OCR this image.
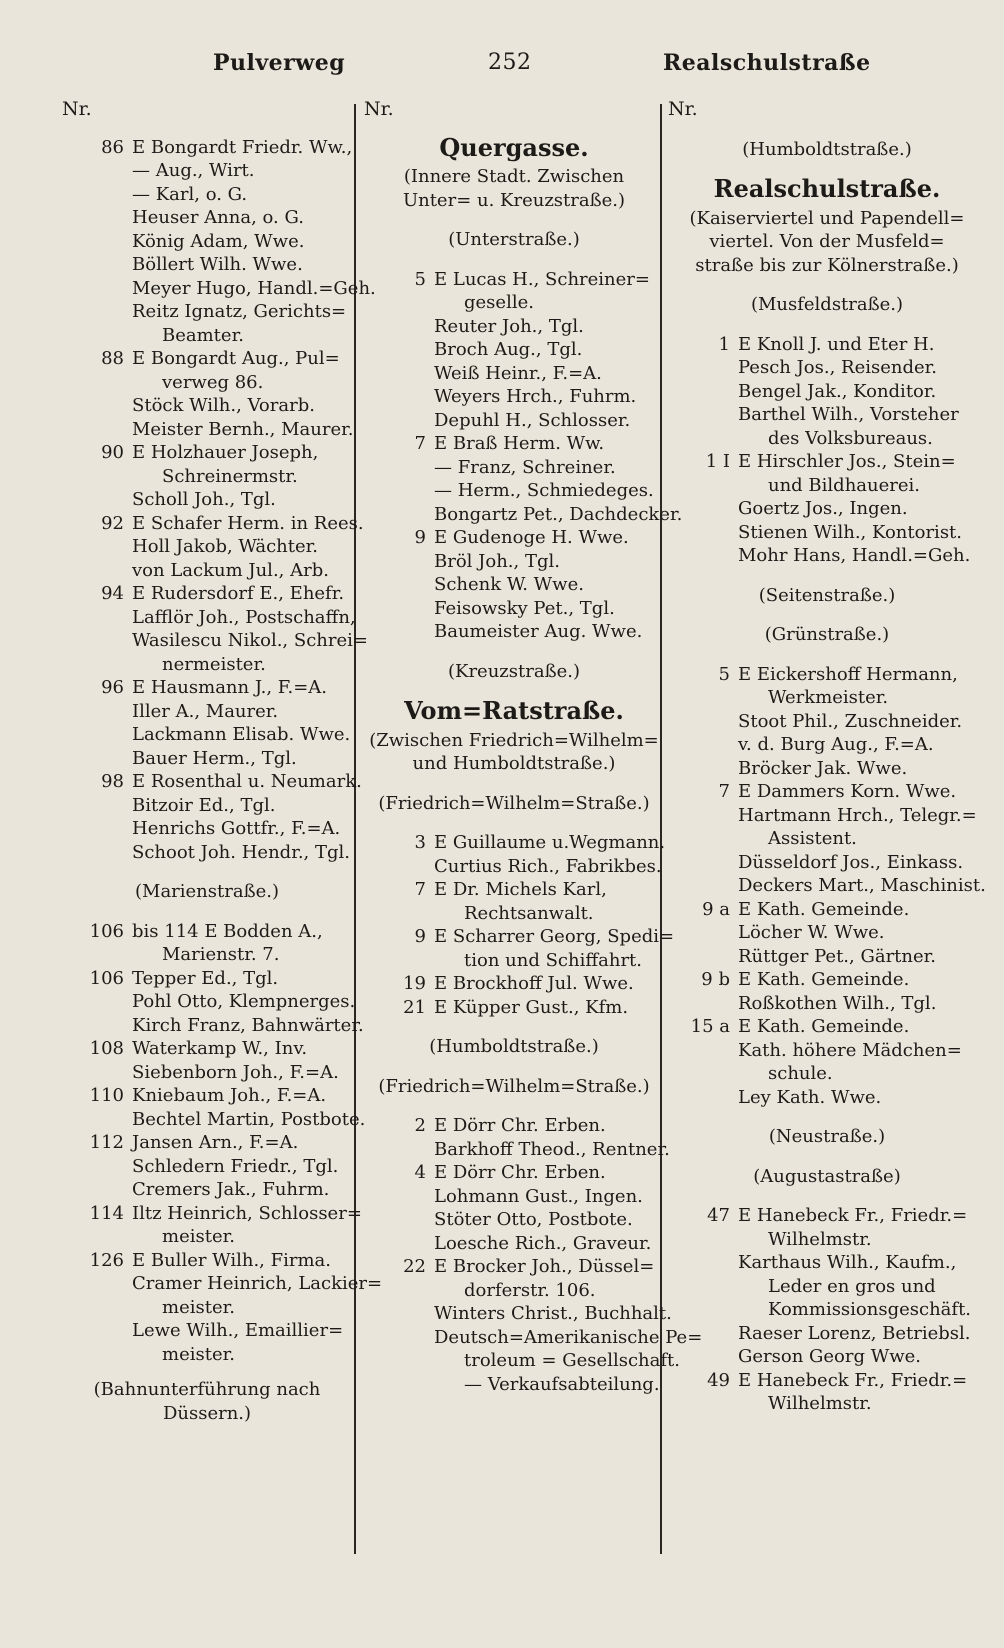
Pulverweg	252	Realschulstraße
Nr.
86 E Bongardt Friedr. Ww.,
— Aug., Wirt.
— Karl, o. G.
Heuser Anna, o. G.
König Adam, Wwe.
Böllert Wilh. Wwe.
Meyer Hugo, Handl.=Geh.
Reitz Ignatz, Gerichts=
Beamter.
88 E Bongardt Aug., Pul=
verweg 86.
Stöck Wilh., Vorarb.
Meister Bernh., Maurer.
90 E Holzhauer Joseph,
Schreinermstr.
Scholl Joh., Tgl.
92 E Schafer Herm. in Rees.
Holl Jakob, Wächter.
von Lackum Jul., Arb.
94 E Rudersdorf E., Ehefr.
Lafflör Joh., Postschaffn,
Wasilescu Nikol., Schrei=
nermeister.
96 E Hausmann J., F.=A.
Iller A., Maurer.
Lackmann Elisab. Wwe.
Bauer Herm., Tgl.
98 E Rosenthal u. Neumark.
Bitzoir Ed., Tgl.
Henrichs Gottfr., F.=A.
Schoot Joh. Hendr., Tgl.
(Marienstraße.)
106 bis 114 E Bodden A.,
Marienstr. 7.
106 Tepper Ed., Tgl.
Pohl Otto, Klempnerges.
Kirch Franz, Bahnwärter.
108 Waterkamp W., Inv.
Siebenborn Joh., F.=A.
110 Kniebaum Joh., F.=A.
Bechtel Martin, Postbote.
112 Jansen Arn., F.=A.
Schledern Friedr., Tgl.
Cremers Jak., Fuhrm.
114 Iltz Heinrich, Schlosser=
meister.
126 E Buller Wilh., Firma.
Cramer Heinrich, Lackier=
meister.
Lewe Wilh., Emaillier=
meister.
(Bahnunterführung nach
Düssern.)
Nr.
Quergasse.
(Innere Stadt. Zwischen
Unter= u. Kreuzstraße.)
(Unterstraße.)
5 E Lucas H., Schreiner=
geselle.
Reuter Joh., Tgl.
Broch Aug., Tgl.
Weiß Heinr., F.=A.
Weyers Hrch., Fuhrm.
Depuhl H., Schlosser.
7 E Braß Herm. Ww.
— Franz, Schreiner.
— Herm., Schmiedeges.
Bongartz Pet., Dachdecker.
9 E Gudenoge H. Wwe.
Bröl Joh., Tgl.
Schenk W. Wwe.
Feisowsky Pet., Tgl.
Baumeister Aug. Wwe.
(Kreuzstraße.)
Vom=Ratstraße.
(Zwischen Friedrich=Wilhelm=
und Humboldtstraße.)
(Friedrich=Wilhelm=Straße.)
3 E Guillaume u.Wegmann.
Curtius Rich., Fabrikbes.
7 E Dr. Michels Karl,
Rechtsanwalt.
9 E Scharrer Georg, Spedi=
tion und Schiffahrt.
19 E Brockhoff Jul. Wwe.
21 E Küpper Gust., Kfm.
(Humboldtstraße.)
(Friedrich=Wilhelm=Straße.)
2 E Dörr Chr. Erben.
Barkhoff Theod., Rentner.
4 E Dörr Chr. Erben.
Lohmann Gust., Ingen.
Stöter Otto, Postbote.
Loesche Rich., Graveur.
22 E Brocker Joh., Düssel=
dorferstr. 106.
Winters Christ., Buchhalt.
Deutsch=Amerikanische Pe=
troleum = Gesellschaft.
— Verkaufsabteilung.
Nr.
(Humboldtstraße.)
Realschulstraße.
(Kaiserviertel und Papendell=
viertel. Von der Musfeld=
straße bis zur Kölnerstraße.)
(Musfeldstraße.)
1 E Knoll J. und Eter H.
Pesch Jos., Reisender.
Bengel Jak., Konditor.
Barthel Wilh., Vorsteher
des Volksbureaus.
1 I E Hirschler Jos., Stein=
und Bildhauerei.
Goertz Jos., Ingen.
Stienen Wilh., Kontorist.
Mohr Hans, Handl.=Geh.
(Seitenstraße.)
(Grünstraße.)
5 E Eickershoff Hermann,
Werkmeister.
Stoot Phil., Zuschneider.
v. d. Burg Aug., F.=A.
Bröcker Jak. Wwe.
7 E Dammers Korn. Wwe.
Hartmann Hrch., Telegr.=
Assistent.
Düsseldorf Jos., Einkass.
Deckers Mart., Maschinist.
9 a E Kath. Gemeinde.
Löcher W. Wwe.
Rüttger Pet., Gärtner.
9 b E Kath. Gemeinde.
Roßkothen Wilh., Tgl.
15 a E Kath. Gemeinde.
Kath. höhere Mädchen=
schule.
Ley Kath. Wwe.
(Neustraße.)
(Augustastraße)
47 E Hanebeck Fr., Friedr.=
Wilhelmstr.
Karthaus Wilh., Kaufm.,
Leder en gros und
Kommissionsgeschäft.
Raeser Lorenz, Betriebsl.
Gerson Georg Wwe.
49 E Hanebeck Fr., Friedr.=
Wilhelmstr.
